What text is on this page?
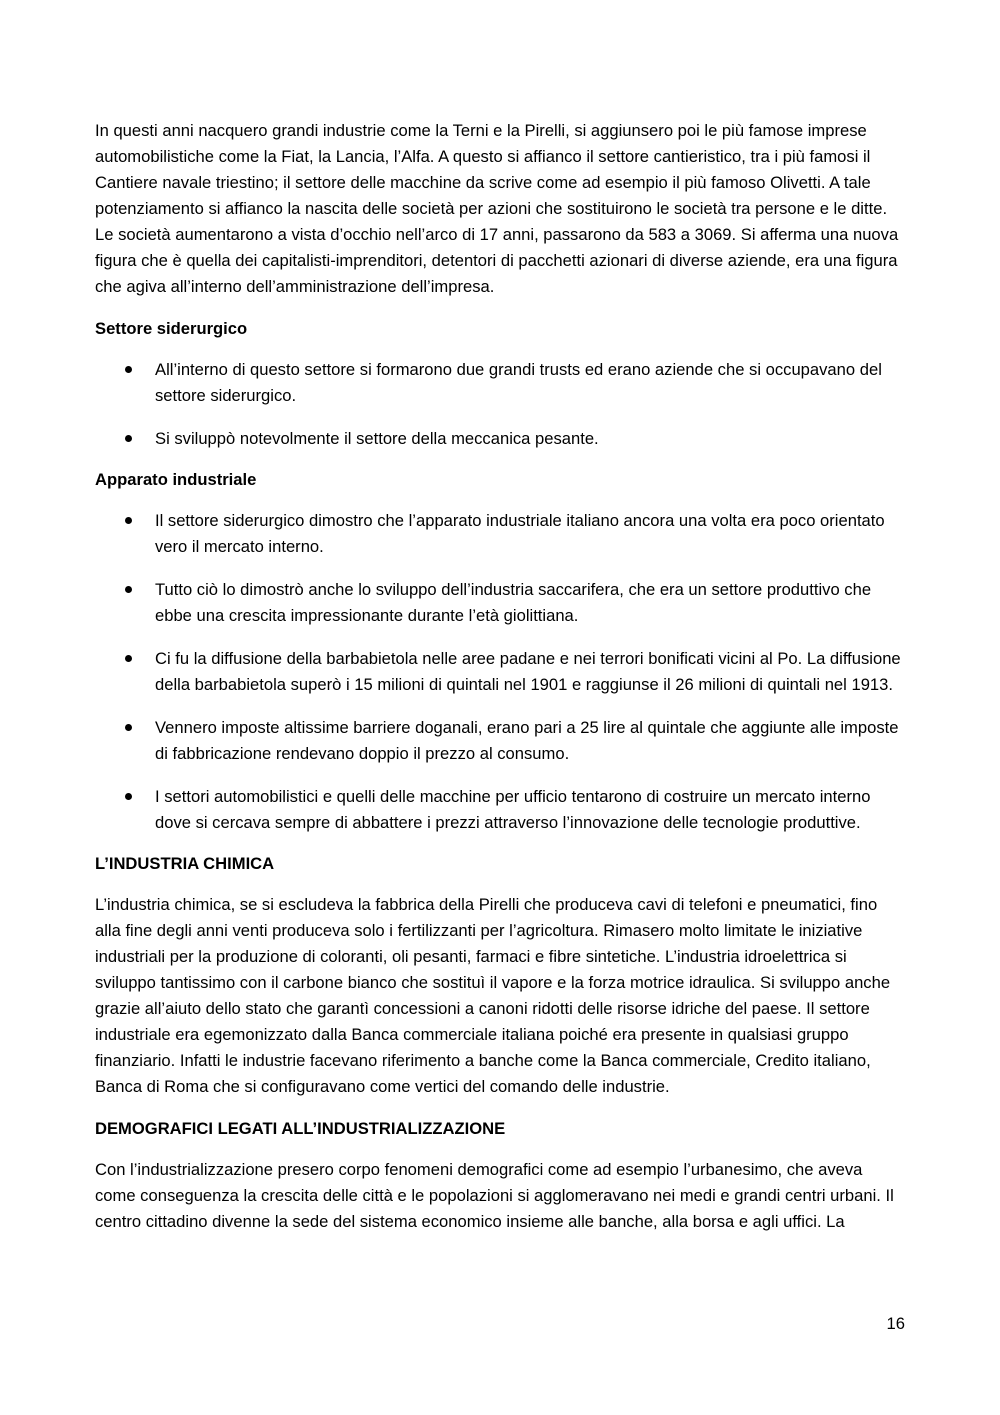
In questi anni nacquero grandi industrie come la Terni e la Pirelli, si aggiunsero poi le più famose imprese automobilistiche come la Fiat, la Lancia, l’Alfa. A questo si affianco il settore cantieristico, tra i più famosi il Cantiere navale triestino; il settore delle macchine da scrive come ad esempio il più famoso Olivetti. A tale potenziamento si affianco la nascita delle società per azioni che sostituirono le società tra persone e le ditte. Le società aumentarono a vista d’occhio nell’arco di 17 anni, passarono da 583 a 3069. Si afferma una nuova figura che è quella dei capitalisti-imprenditori, detentori di pacchetti azionari di diverse aziende, era una figura che agiva all’interno dell’amministrazione dell’impresa.

Settore siderurgico
All’interno di questo settore si formarono due grandi trusts ed erano aziende che si occupavano del settore siderurgico.
Si sviluppò notevolmente il settore della meccanica pesante.
Apparato industriale
Il settore siderurgico dimostro che l’apparato industriale italiano ancora una volta era poco orientato vero il mercato interno.
Tutto ciò lo dimostrò anche lo sviluppo dell’industria saccarifera, che era un settore produttivo che ebbe una crescita impressionante durante l’età giolittiana.
Ci fu la diffusione della barbabietola nelle aree padane e nei terrori bonificati vicini al Po. La diffusione della barbabietola superò i 15 milioni di quintali nel 1901 e raggiunse il 26 milioni di quintali nel 1913.
Vennero imposte altissime barriere doganali, erano pari a 25 lire al quintale che aggiunte alle imposte di fabbricazione rendevano doppio il prezzo al consumo.
I settori automobilistici e quelli delle macchine per ufficio tentarono di costruire un mercato interno dove si cercava sempre di abbattere i prezzi attraverso l’innovazione delle tecnologie produttive.
L’INDUSTRIA CHIMICA

L’industria chimica, se si escludeva la fabbrica della Pirelli che produceva cavi di telefoni e pneumatici, fino alla fine degli anni venti produceva solo i fertilizzanti per l’agricoltura. Rimasero molto limitate le iniziative industriali per la produzione di coloranti, oli pesanti, farmaci e fibre sintetiche. L’industria idroelettrica si sviluppo tantissimo con il carbone bianco che sostituì il vapore e la forza motrice idraulica. Si sviluppo anche grazie all’aiuto dello stato che garantì concessioni a canoni ridotti delle risorse idriche del paese. Il settore industriale era egemonizzato dalla Banca commerciale italiana poiché era presente in qualsiasi gruppo finanziario. Infatti le industrie facevano riferimento a banche come la Banca commerciale, Credito italiano, Banca di Roma che si configuravano come vertici del comando delle industrie.

DEMOGRAFICI LEGATI ALL’INDUSTRIALIZZAZIONE

Con l’industrializzazione presero corpo fenomeni demografici come ad esempio l’urbanesimo, che aveva come conseguenza la crescita delle città e le popolazioni si agglomeravano nei medi e grandi centri urbani. Il centro cittadino divenne la sede del sistema economico insieme alle banche, alla borsa e agli uffici. La

16
